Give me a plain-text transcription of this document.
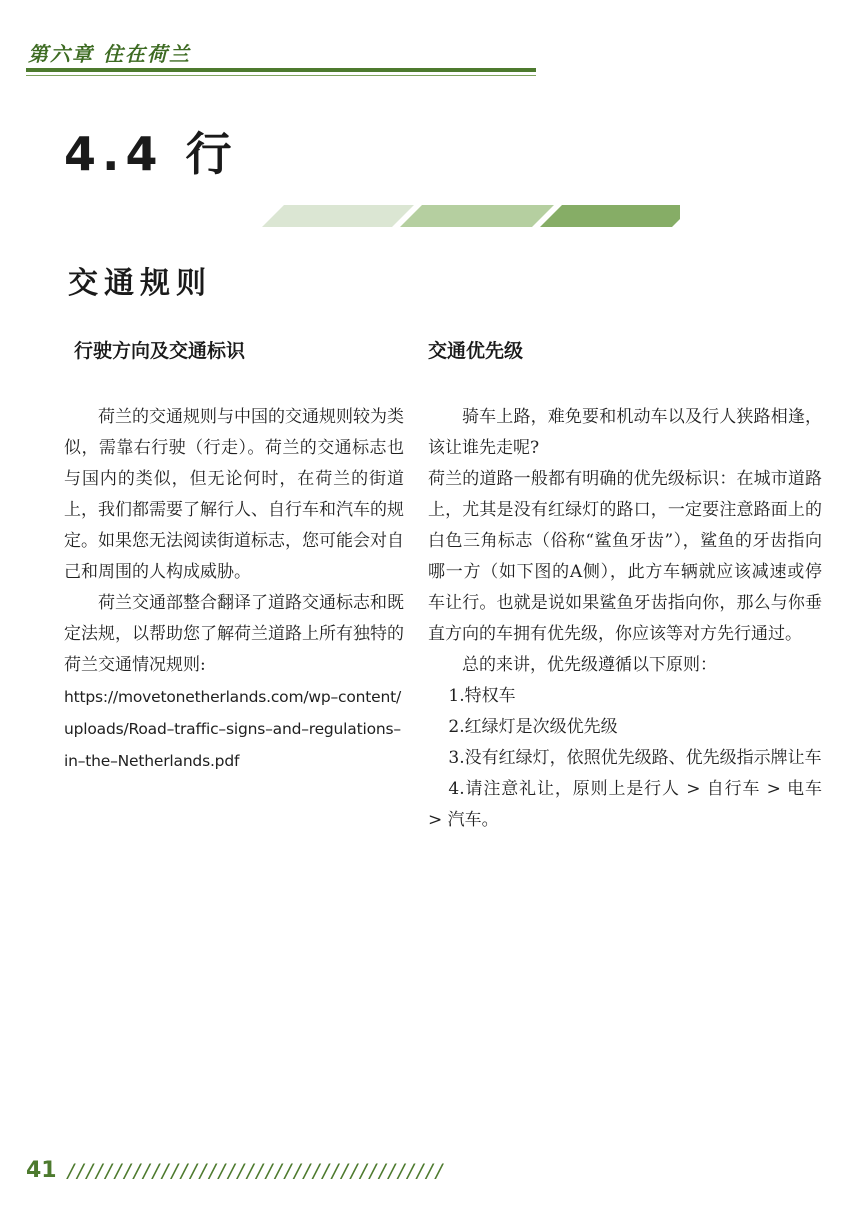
第六章 住在荷兰
4.4 行
交通规则
行驶方向及交通标识

荷兰的交通规则与中国的交通规则较为类似，需靠右行驶（行走）。荷兰的交通标志也与国内的类似，但无论何时，在荷兰的街道上，我们都需要了解行人、自行车和汽车的规定。如果您无法阅读街道标志，您可能会对自己和周围的人构成威胁。

荷兰交通部整合翻译了道路交通标志和既定法规，以帮助您了解荷兰道路上所有独特的荷兰交通情况规则:

https://movetonetherlands.com/wp–content/uploads/Road–traffic–signs–and–regulations–in–the–Netherlands.pdf

交通优先级

骑车上路，难免要和机动车以及行人狭路相逢，该让谁先走呢?

荷兰的道路一般都有明确的优先级标识：在城市道路上，尤其是没有红绿灯的路口，一定要注意路面上的白色三角标志（俗称“鲨鱼牙齿”），鲨鱼的牙齿指向哪一方（如下图的A侧），此方车辆就应该减速或停车让行。也就是说如果鲨鱼牙齿指向你，那么与你垂直方向的车拥有优先级，你应该等对方先行通过。

总的来讲，优先级遵循以下原则：

1.特权车

2.红绿灯是次级优先级

3.没有红绿灯，依照优先级路、优先级指示牌让车

4.请注意礼让，原则上是行人 > 自行车 > 电车 > 汽车。

41 ////////////////////////////////////////
